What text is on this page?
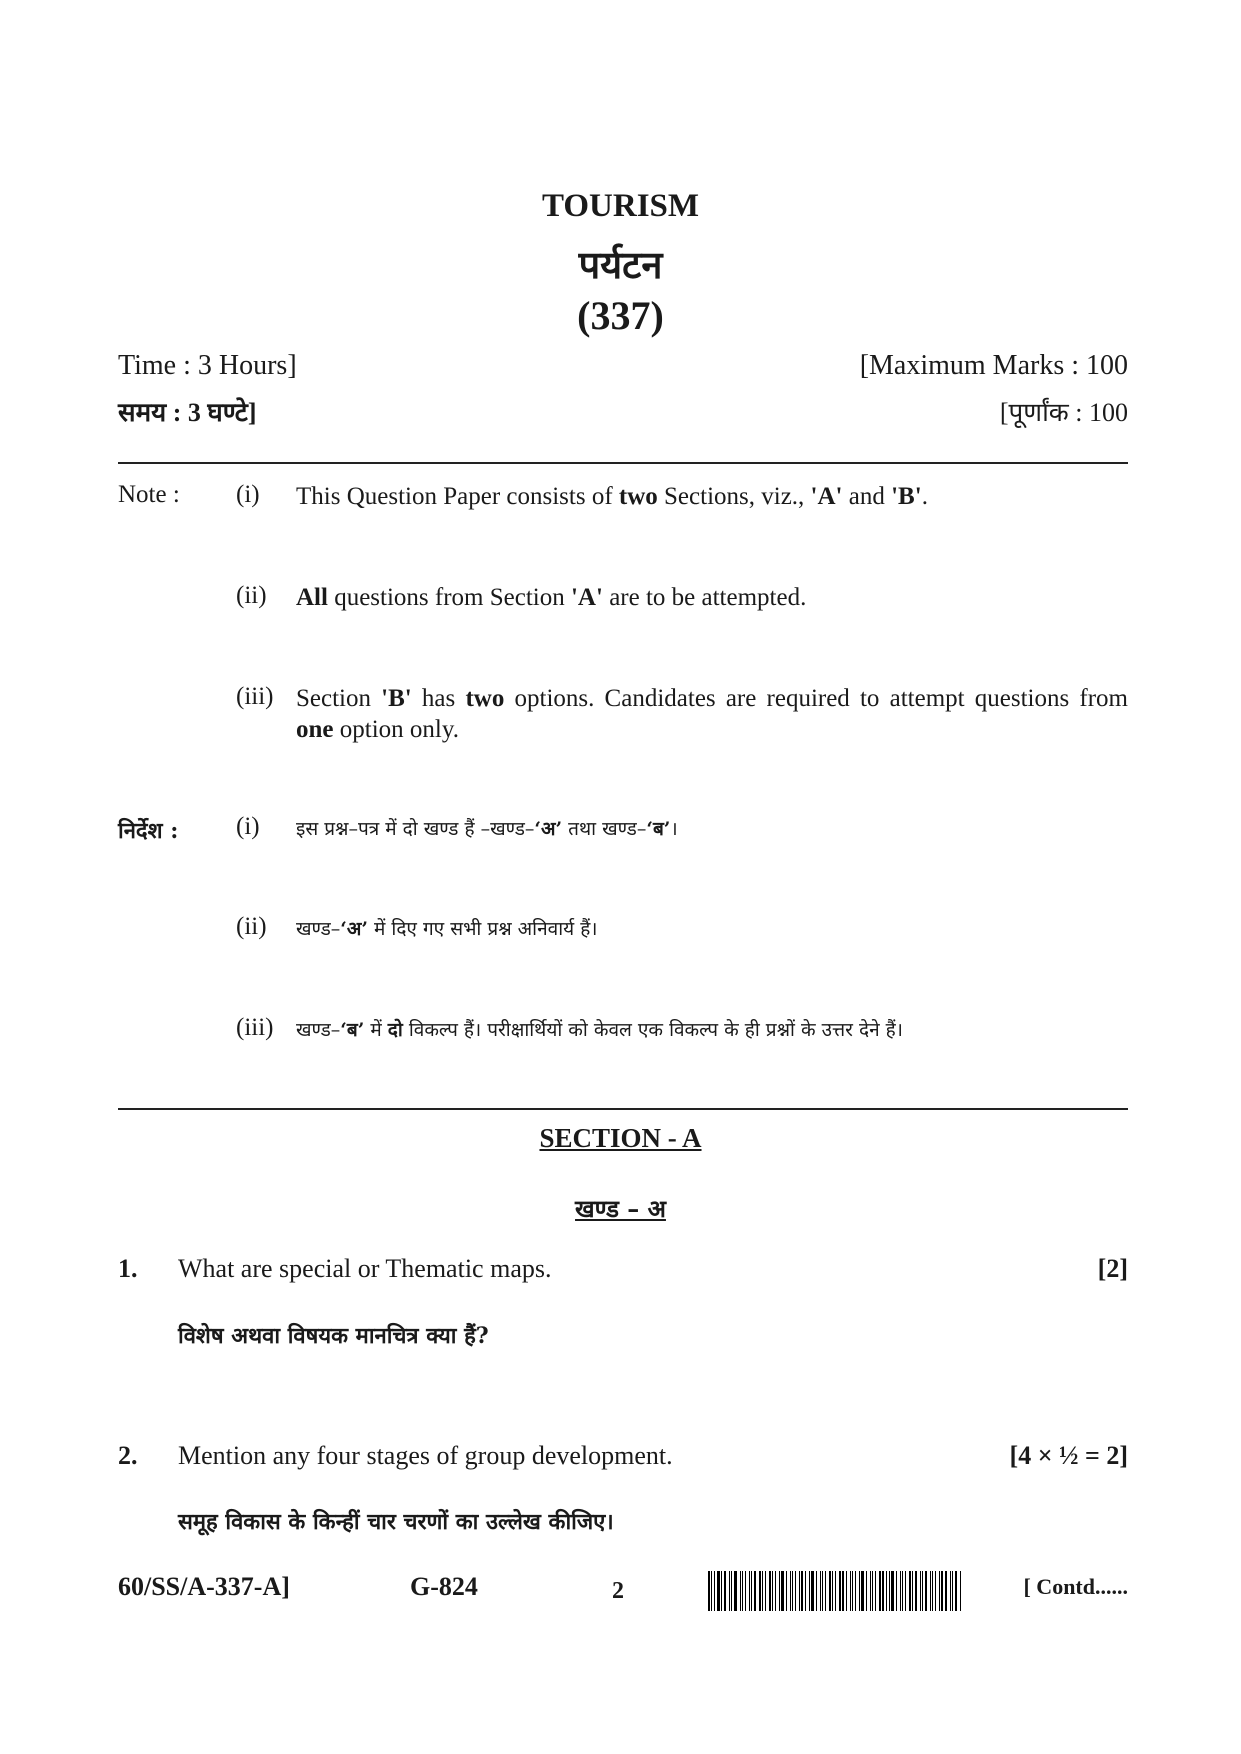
TOURISM
पर्यटन
(337)
Time : 3 Hours]	[Maximum Marks : 100
समय : 3 घण्टे]	[पूर्णांक : 100
Note : (i) This Question Paper consists of two Sections, viz., 'A' and 'B'.
(ii) All questions from Section 'A' are to be attempted.
(iii) Section 'B' has two options. Candidates are required to attempt questions from one option only.
निर्देश : (i) इस प्रश्न–पत्र में दो खण्ड हैं –खण्ड–‘अ’ तथा खण्ड–‘ब’।
(ii) खण्ड–‘अ’ में दिए गए सभी प्रश्न अनिवार्य हैं।
(iii) खण्ड–‘ब’ में दो विकल्प हैं। परीक्षार्थियों को केवल एक विकल्प के ही प्रश्नों के उत्तर देने हैं।
SECTION - A
खण्ड – अ
1. What are special or Thematic maps.	[2]
विशेष अथवा विषयक मानचित्र क्या हैं?
2. Mention any four stages of group development.	[4 × ½ = 2]
समूह विकास के किन्हीं चार चरणों का उल्लेख कीजिए।
60/SS/A-337-A]	G-824	2	[ Contd......
